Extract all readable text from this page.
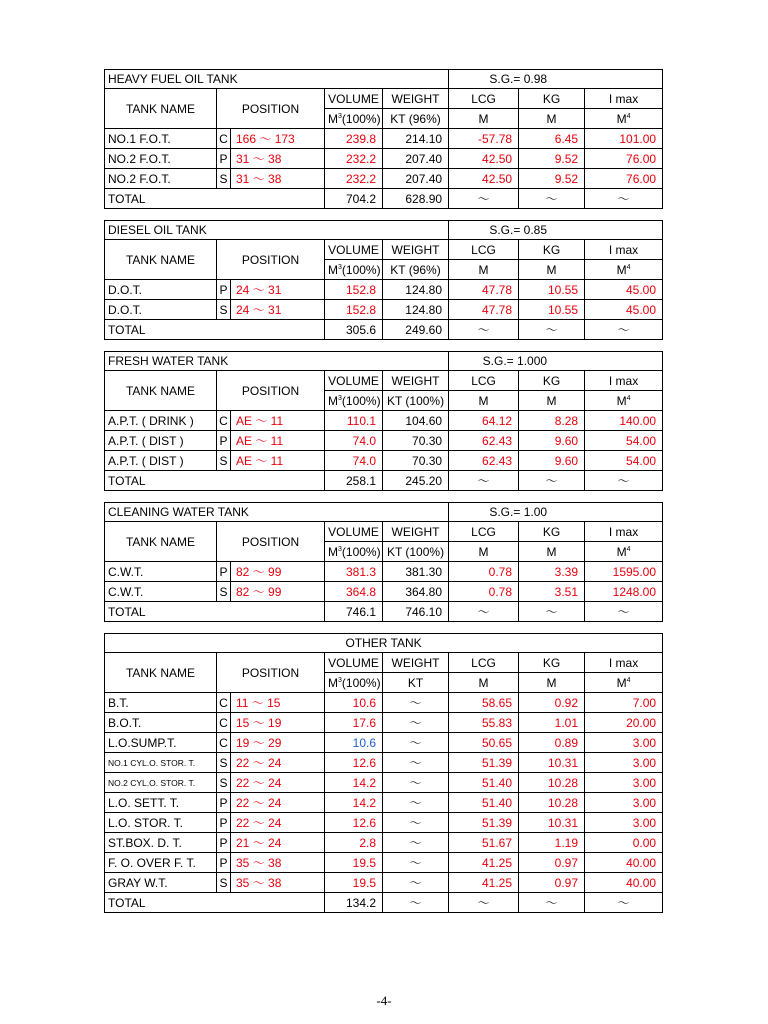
HEAVY FUEL OIL TANK					S.G.= 0.98		
TANK NAME	POSITION		VOLUME	WEIGHT	LCG	KG	I max
			$M^3(100\%)$	KT (96%)	M	M	$M^4$
NO.1 F.O.T.	C	166 ～ 173	239.8	214.10	-57.78	6.45	101.00
NO.2 F.O.T.	P	31 ～ 38	232.2	207.40	42.50	9.52	76.00
NO.2 F.O.T.	S	31 ～ 38	232.2	207.40	42.50	9.52	76.00
TOTAL			704.2	628.90	～	～	～
DIESEL OIL TANK					S.G.= 0.85		
TANK NAME	POSITION		VOLUME	WEIGHT	LCG	KG	I max
			$M^3(100\%)$	KT (96%)	M	M	$M^4$
D.O.T.	P	24 ～ 31	152.8	124.80	47.78	10.55	45.00
D.O.T.	S	24 ～ 31	152.8	124.80	47.78	10.55	45.00
TOTAL			305.6	249.60	～	～	～
FRESH WATER TANK					S.G.= 1.000		
TANK NAME	POSITION		VOLUME	WEIGHT	LCG	KG	I max
			$M^3(100\%)$	KT (100%)	M	M	$M^4$
A.P.T. ( DRINK )	C	AE ～ 11	110.1	104.60	64.12	8.28	140.00
A.P.T. ( DIST )	P	AE ～ 11	74.0	70.30	62.43	9.60	54.00
A.P.T. ( DIST )	S	AE ～ 11	74.0	70.30	62.43	9.60	54.00
TOTAL			258.1	245.20	～	～	～
CLEANING WATER TANK					S.G.= 1.00		
TANK NAME	POSITION		VOLUME	WEIGHT	LCG	KG	I max
			$M^3(100\%)$	KT (100%)	M	M	$M^4$
C.W.T.	P	82 ～ 99	381.3	381.30	0.78	3.39	1595.00
C.W.T.	S	82 ～ 99	364.8	364.80	0.78	3.51	1248.00
TOTAL			746.1	746.10	～	～	～
OTHER TANK							
TANK NAME	POSITION		VOLUME	WEIGHT	LCG	KG	I max
			$M^3(100\%)$	KT	M	M	$M^4$
B.T.	C	11 ～ 15	10.6	～	58.65	0.92	7.00
B.O.T.	C	15 ～ 19	17.6	～	55.83	1.01	20.00
L.O.SUMP.T.	C	19 ～ 29	10.6	～	50.65	0.89	3.00
NO.1 CYL.O. STOR. T.	S	22 ～ 24	12.6	～	51.39	10.31	3.00
NO.2 CYL.O. STOR. T.	S	22 ～ 24	14.2	～	51.40	10.28	3.00
L.O. SETT. T.	P	22 ～ 24	14.2	～	51.40	10.28	3.00
L.O. STOR. T.	P	22 ～ 24	12.6	～	51.39	10.31	3.00
ST.BOX. D. T.	P	21 ～ 24	2.8	～	51.67	1.19	0.00
F. O. OVER F. T.	P	35 ～ 38	19.5	～	41.25	0.97	40.00
GRAY W.T.	S	35 ～ 38	19.5	～	41.25	0.97	40.00
TOTAL			134.2	～	～	～	～
-4-
